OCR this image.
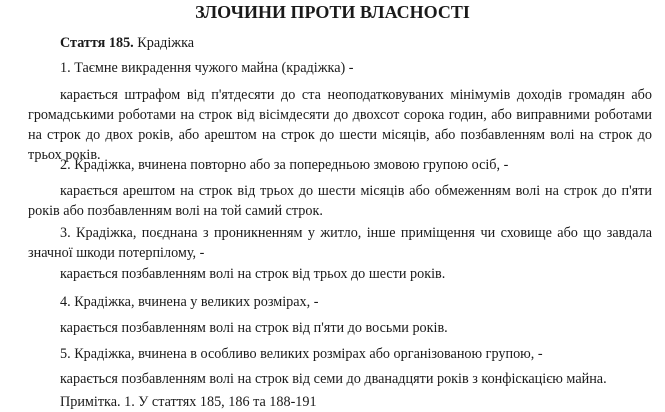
ЗЛОЧИНИ ПРОТИ ВЛАСНОСТІ
Стаття 185. Крадіжка
1. Таємне викрадення чужого майна (крадіжка) -
карається штрафом від п'ятдесяти до ста неоподатковуваних мінімумів доходів громадян або громадськими роботами на строк від вісімдесяти до двохсот сорока годин, або виправними роботами на строк до двох років, або арештом на строк до шести місяців, або позбавленням волі на строк до трьох років.
2. Крадіжка, вчинена повторно або за попередньою змовою групою осіб, -
карається арештом на строк від трьох до шести місяців або обмеженням волі на строк до п'яти років або позбавленням волі на той самий строк.
3. Крадіжка, поєднана з проникненням у житло, інше приміщення чи сховище або що завдала значної шкоди потерпілому, -
карається позбавленням волі на строк від трьох до шести років.
4. Крадіжка, вчинена у великих розмірах, -
карається позбавленням волі на строк від п'яти до восьми років.
5. Крадіжка, вчинена в особливо великих розмірах або організованою групою, -
карається позбавленням волі на строк від семи до дванадцяти років з конфіскацією майна.
Примітка. 1. У статтях 185, 186 та 188-191
